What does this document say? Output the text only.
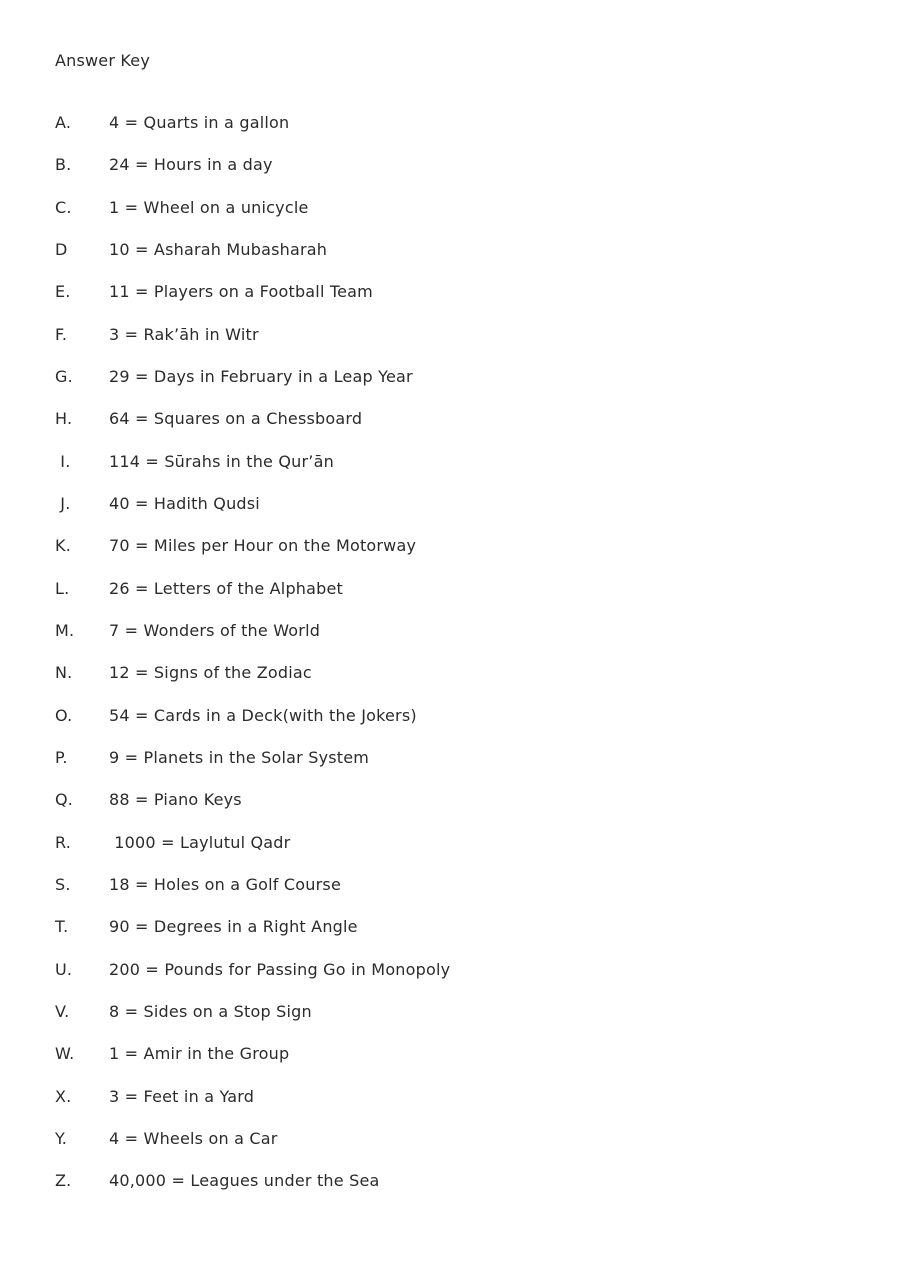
Answer Key
A.	4 = Quarts in a gallon
B.	24 = Hours in a day
C.	1 = Wheel on a unicycle
D	10 = Asharah Mubasharah
E.	11 = Players on a Football Team
F.	3 = Rak’āh in Witr
G.	29 = Days in February in a Leap Year
H.	64 = Squares on a Chessboard
I.	114 = Sūrahs in the Qur’ān
J.	40 = Hadith Qudsi
K.	70 = Miles per Hour on the Motorway
L.	26 = Letters of the Alphabet
M.	7 = Wonders of the World
N.	12 = Signs of the Zodiac
O.	54 = Cards in a Deck(with the Jokers)
P.	9 = Planets in the Solar System
Q.	88 = Piano Keys
R.	1000 = Laylutul Qadr
S.	18 = Holes on a Golf Course
T.	90 = Degrees in a Right Angle
U.	200 = Pounds for Passing Go in Monopoly
V.	8 = Sides on a Stop Sign
W.	1 = Amir in the Group
X.	3 = Feet in a Yard
Y.	4 = Wheels on a Car
Z.	40,000 = Leagues under the Sea
